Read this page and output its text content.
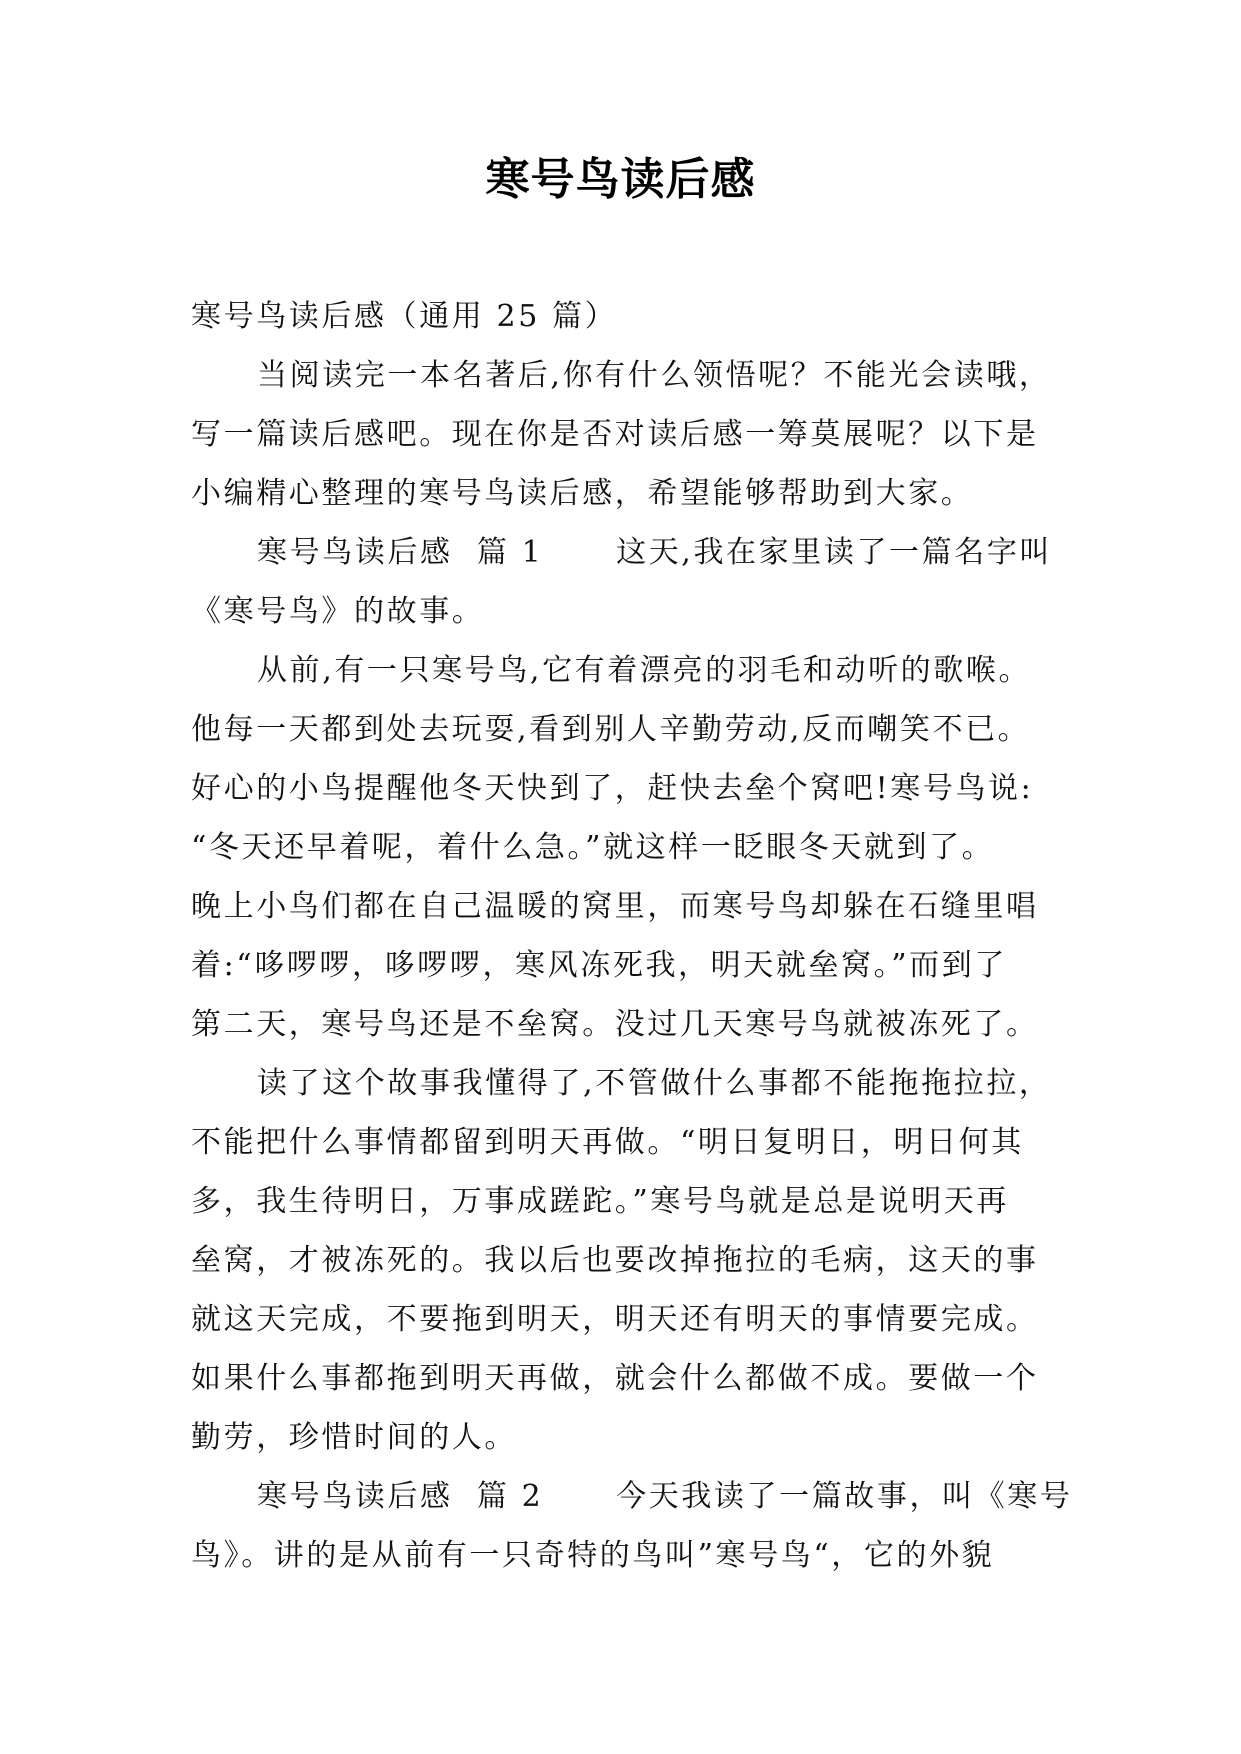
寒号鸟读后感
寒号鸟读后感（通用 25 篇）
当阅读完一本名著后,你有什么领悟呢？不能光会读哦，
写一篇读后感吧。现在你是否对读后感一筹莫展呢？以下是
小编精心整理的寒号鸟读后感，希望能够帮助到大家。
寒号鸟读后感  篇 1      这天,我在家里读了一篇名字叫
《寒号鸟》的故事。
从前,有一只寒号鸟,它有着漂亮的羽毛和动听的歌喉。
他每一天都到处去玩耍,看到别人辛勤劳动,反而嘲笑不已。
好心的小鸟提醒他冬天快到了，赶快去垒个窝吧!寒号鸟说:
“冬天还早着呢，着什么急。”就这样一眨眼冬天就到了。
晚上小鸟们都在自己温暖的窝里，而寒号鸟却躲在石缝里唱
着:“哆啰啰，哆啰啰，寒风冻死我，明天就垒窝。”而到了
第二天，寒号鸟还是不垒窝。没过几天寒号鸟就被冻死了。
读了这个故事我懂得了,不管做什么事都不能拖拖拉拉，
不能把什么事情都留到明天再做。“明日复明日，明日何其
多，我生待明日，万事成蹉跎。”寒号鸟就是总是说明天再
垒窝，才被冻死的。我以后也要改掉拖拉的毛病，这天的事
就这天完成，不要拖到明天，明天还有明天的事情要完成。
如果什么事都拖到明天再做，就会什么都做不成。要做一个
勤劳，珍惜时间的人。
寒号鸟读后感  篇 2      今天我读了一篇故事，叫《寒号
鸟》。讲的是从前有一只奇特的鸟叫”寒号鸟“，它的外貌
